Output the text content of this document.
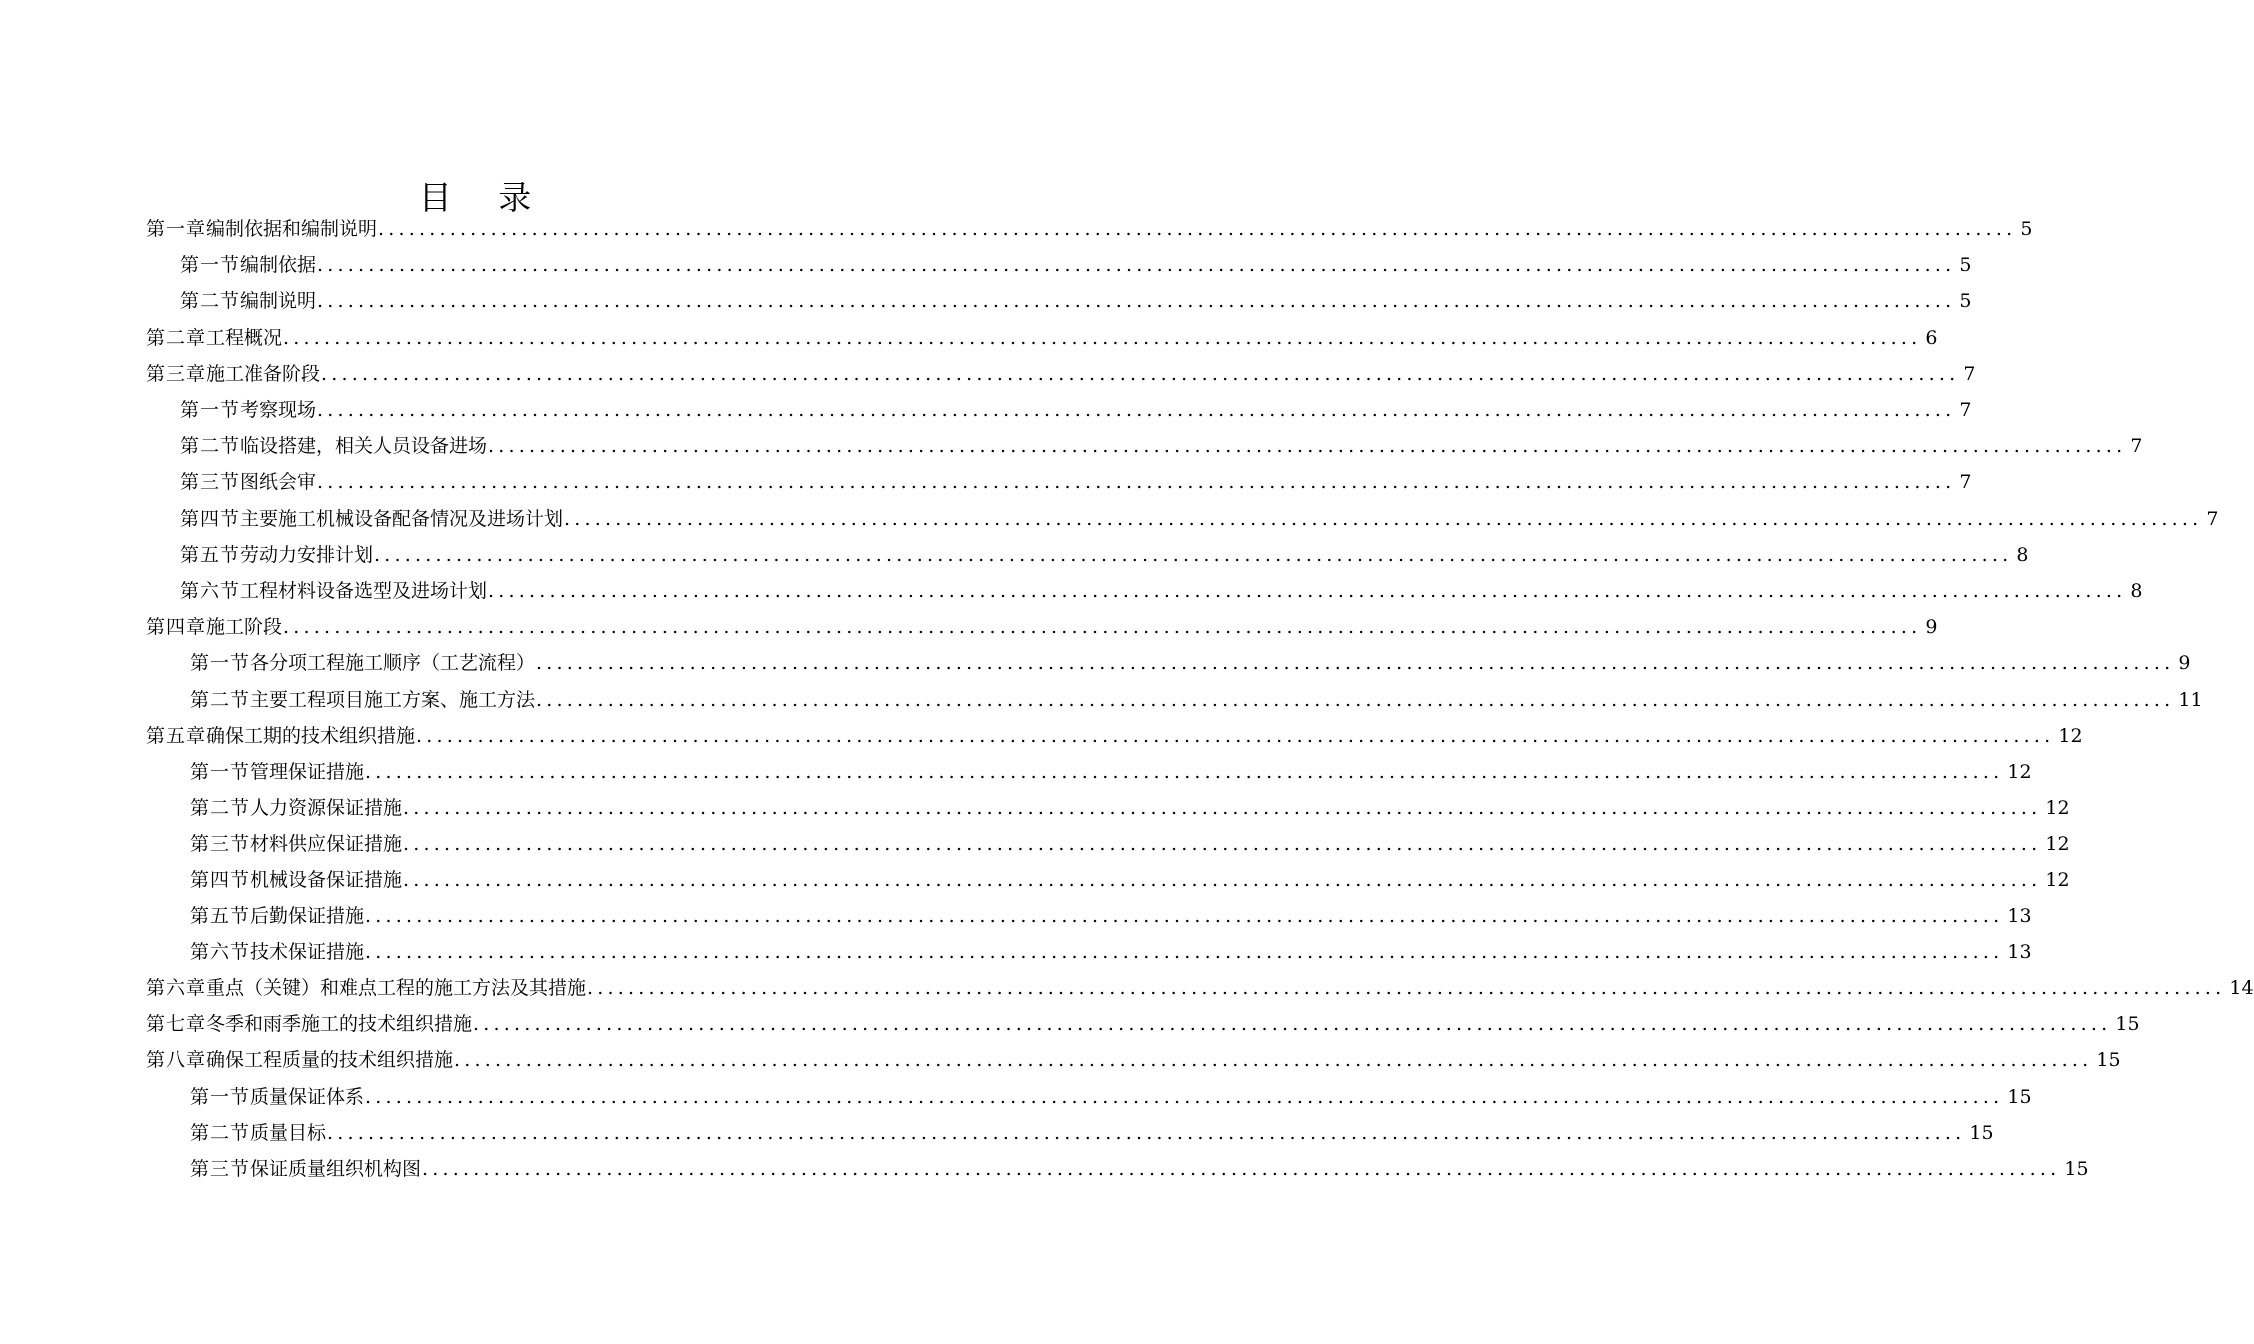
目 录
第一章 编制依据和编制说明 ................................................................................................................................................................ 5
第一节 编制依据 ................................................................................................................................................................ 5
第二节 编制说明 ................................................................................................................................................................ 5
第二章 工程概况 ................................................................................................................................................................ 6
第三章 施工准备阶段 ................................................................................................................................................................ 7
第一节 考察现场 ................................................................................................................................................................ 7
第二节 临设搭建，相关人员设备进场 ................................................................................................................................................................ 7
第三节 图纸会审 ................................................................................................................................................................ 7
第四节 主要施工机械设备配备情况及进场计划 ................................................................................................................................................................ 7
第五节 劳动力安排计划 ................................................................................................................................................................ 8
第六节 工程材料设备选型及进场计划 ................................................................................................................................................................ 8
第四章 施工阶段 ................................................................................................................................................................ 9
第一节 各分项工程施工顺序（工艺流程） ................................................................................................................................................................ 9
第二节 主要工程项目施工方案、施工方法 ................................................................................................................................................................ 11
第五章 确保工期的技术组织措施 ................................................................................................................................................................ 12
第一节 管理保证措施 ................................................................................................................................................................ 12
第二节 人力资源保证措施 ................................................................................................................................................................ 12
第三节 材料供应保证措施 ................................................................................................................................................................ 12
第四节 机械设备保证措施 ................................................................................................................................................................ 12
第五节 后勤保证措施 ................................................................................................................................................................ 13
第六节 技术保证措施 ................................................................................................................................................................ 13
第六章 重点（关键）和难点工程的施工方法及其措施 ................................................................................................................................................................ 14
第七章 冬季和雨季施工的技术组织措施 ................................................................................................................................................................ 15
第八章 确保工程质量的技术组织措施 ................................................................................................................................................................ 15
第一节 质量保证体系 ................................................................................................................................................................ 15
第二节 质量目标 ................................................................................................................................................................ 15
第三节 保证质量组织机构图 ................................................................................................................................................................ 15
